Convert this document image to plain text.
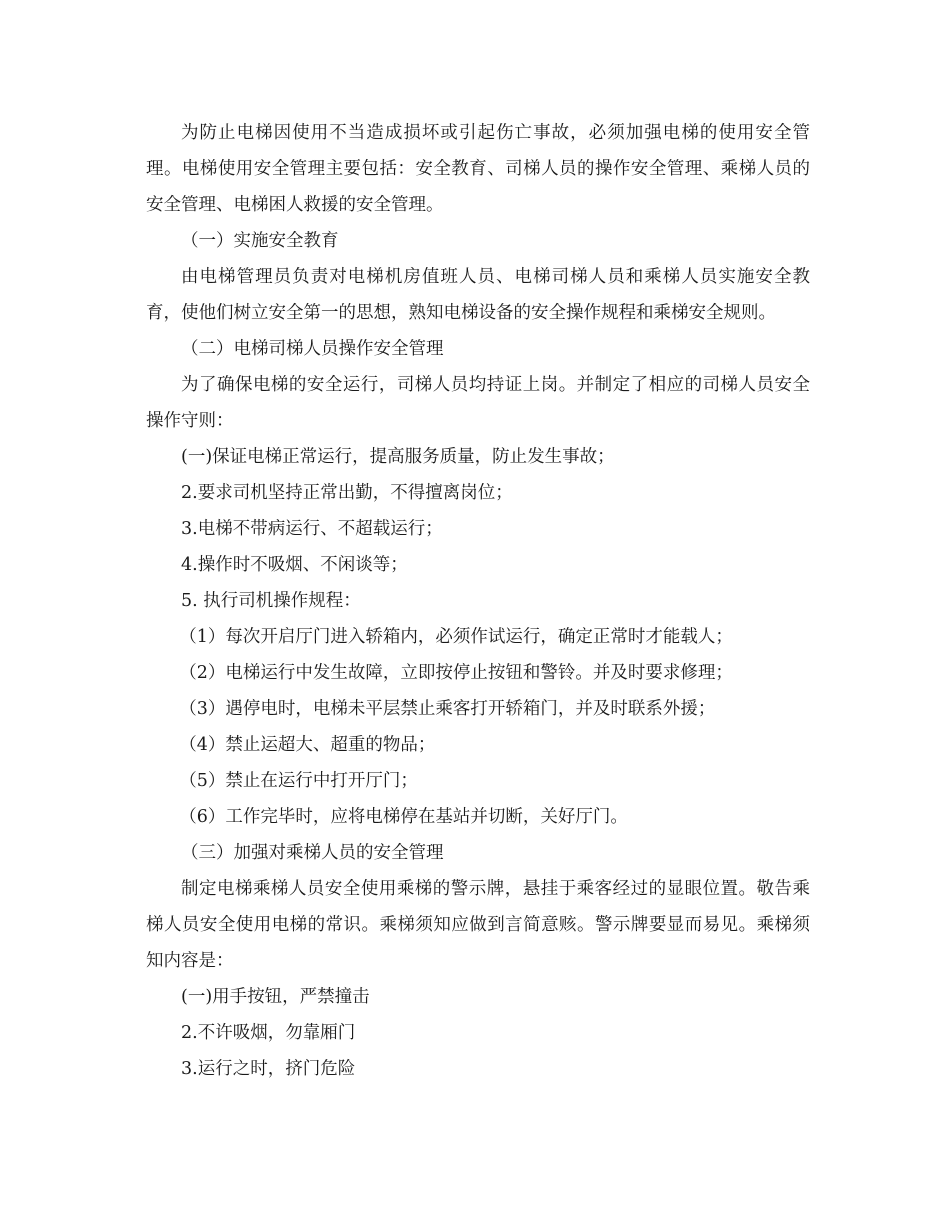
为防止电梯因使用不当造成损坏或引起伤亡事故，必须加强电梯的使用安全管理。电梯使用安全管理主要包括：安全教育、司梯人员的操作安全管理、乘梯人员的安全管理、电梯困人救援的安全管理。

（一）实施安全教育

由电梯管理员负责对电梯机房值班人员、电梯司梯人员和乘梯人员实施安全教育，使他们树立安全第一的思想，熟知电梯设备的安全操作规程和乘梯安全规则。

（二）电梯司梯人员操作安全管理

为了确保电梯的安全运行，司梯人员均持证上岗。并制定了相应的司梯人员安全操作守则：

(一)保证电梯正常运行，提高服务质量，防止发生事故；

2.要求司机坚持正常出勤，不得擅离岗位；

3.电梯不带病运行、不超载运行；

4.操作时不吸烟、不闲谈等；

5. 执行司机操作规程：

（1）每次开启厅门进入轿箱内，必须作试运行，确定正常时才能载人；

（2）电梯运行中发生故障，立即按停止按钮和警铃。并及时要求修理；

（3）遇停电时，电梯未平层禁止乘客打开轿箱门，并及时联系外援；

（4）禁止运超大、超重的物品；

（5）禁止在运行中打开厅门；

（6）工作完毕时，应将电梯停在基站并切断，关好厅门。

（三）加强对乘梯人员的安全管理

制定电梯乘梯人员安全使用乘梯的警示牌，悬挂于乘客经过的显眼位置。敬告乘梯人员安全使用电梯的常识。乘梯须知应做到言简意赅。警示牌要显而易见。乘梯须知内容是：

(一)用手按钮，严禁撞击

2.不许吸烟，勿靠厢门

3.运行之时，挤门危险
